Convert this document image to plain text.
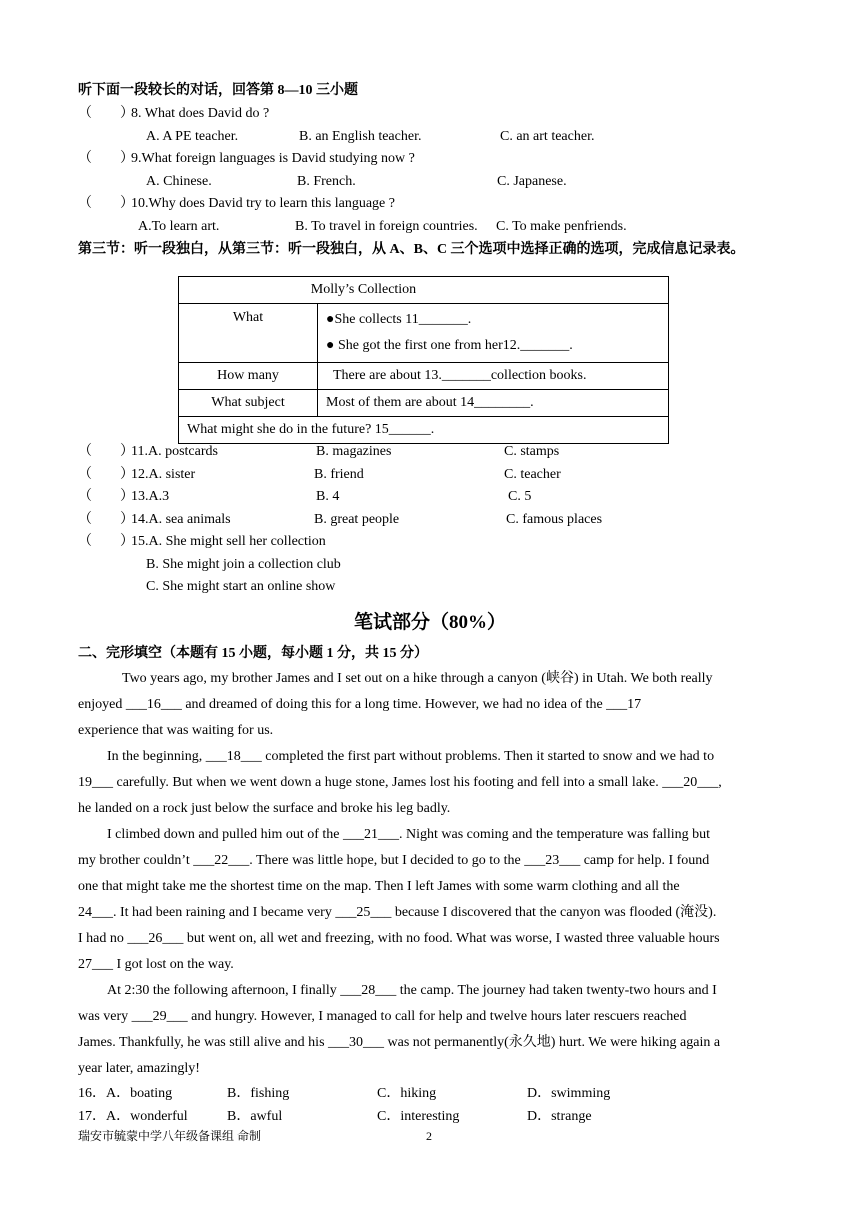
听下面一段较长的对话，回答第 8—10 三小题
（　　）
8. What does David do ?
A. A PE teacher.	B. an English teacher.	C. an art teacher.
（　　）
9.What foreign languages is David studying now ?
A. Chinese.	B. French.	C. Japanese.
（　　）
10.Why does David try to learn this language ?
A.To learn art.	B. To travel in foreign countries. C. To make penfriends.
第三节：听一段独白，从第三节：听一段独白，从 A、B、C 三个选项中选择正确的选项，完成信息记录表。
Molly’s Collection	
What	●She collects 11_______.
● She got the first one from her12._______.

How many	There are about 13._______collection books.
What subject	Most of them are about 14________.
What might she do in the future? 15______.	
（　　）
11.A. postcards	B. magazines	C. stamps
（　　）
12.A. sister	B. friend	C. teacher
（　　）
13.A.3	B. 4	C. 5
（　　）
14.A. sea animals	B. great people	C. famous places
（　　）
15.A. She might sell her collection
B. She might join a collection club
C. She might start an online show
笔试部分（80%）
二、完形填空（本题有 15 小题，每小题 1 分，共 15 分）
Two years ago, my brother James and I set out on a hike through a canyon (峡谷) in Utah. We both really
enjoyed ___16___ and dreamed of doing this for a long time. However, we had no idea of the ___17
experience that was waiting for us.
In the beginning, ___18___ completed the first part without problems. Then it started to snow and we had to
19___ carefully. But when we went down a huge stone, James lost his footing and fell into a small lake. ___20___,
he landed on a rock just below the surface and broke his leg badly.
I climbed down and pulled him out of the ___21___. Night was coming and the temperature was falling but
my brother couldn’t ___22___. There was little hope, but I decided to go to the ___23___ camp for help. I found
one that might take me the shortest time on the map. Then I left James with some warm clothing and all the
24___. It had been raining and I became very ___25___ because I discovered that the canyon was flooded (淹没).
I had no ___26___ but went on, all wet and freezing, with no food. What was worse, I wasted three valuable hours
27___ I got lost on the way.
At 2:30 the following afternoon, I finally ___28___ the camp. The journey had taken twenty-two hours and I
was very ___29___ and hungry. However, I managed to call for help and twelve hours later rescuers reached
James. Thankfully, he was still alive and his ___30___ was not permanently(永久地) hurt. We were hiking again a
year later, amazingly!
16．A．boating	B．fishing	C．hiking	D．swimming
17．A．wonderful	B．awful	C．interesting	D．strange
瑞安市毓蒙中学八年级备课组 命制	2
